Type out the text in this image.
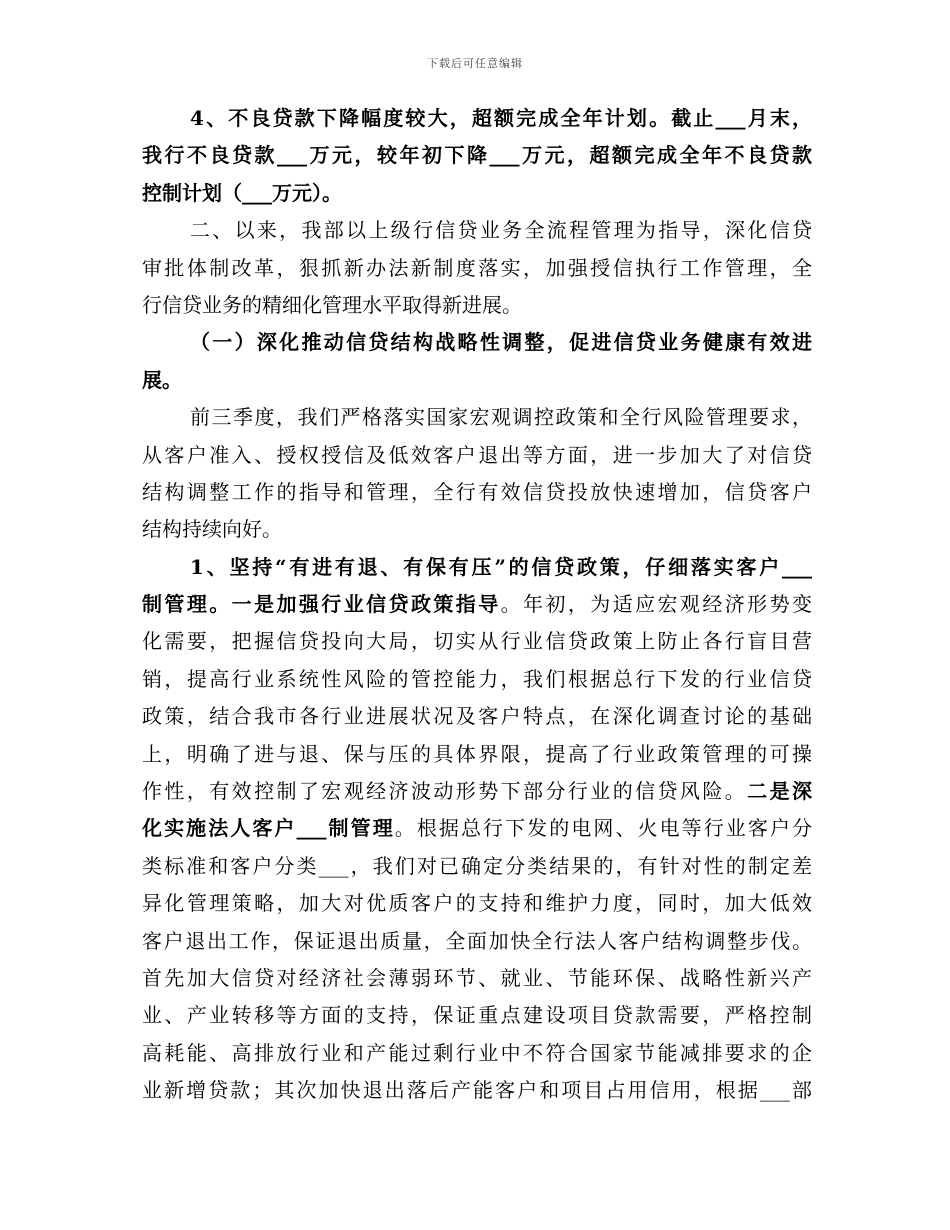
下载后可任意编辑
4、不良贷款下降幅度较大，超额完成全年计划。截止___月末，
我行不良贷款___万元，较年初下降___万元，超额完成全年不良贷款
控制计划（___万元）。
二、以来，我部以上级行信贷业务全流程管理为指导，深化信贷
审批体制改革，狠抓新办法新制度落实，加强授信执行工作管理，全
行信贷业务的精细化管理水平取得新进展。
（一）深化推动信贷结构战略性调整，促进信贷业务健康有效进
展。
前三季度，我们严格落实国家宏观调控政策和全行风险管理要求，
从客户准入、授权授信及低效客户退出等方面，进一步加大了对信贷
结构调整工作的指导和管理，全行有效信贷投放快速增加，信贷客户
结构持续向好。
1、坚持“有进有退、有保有压”的信贷政策，仔细落实客户___
制管理。一是加强行业信贷政策指导。年初，为适应宏观经济形势变
化需要，把握信贷投向大局，切实从行业信贷政策上防止各行盲目营
销，提高行业系统性风险的管控能力，我们根据总行下发的行业信贷
政策，结合我市各行业进展状况及客户特点，在深化调查讨论的基础
上，明确了进与退、保与压的具体界限，提高了行业政策管理的可操
作性，有效控制了宏观经济波动形势下部分行业的信贷风险。二是深
化实施法人客户___制管理。根据总行下发的电网、火电等行业客户分
类标准和客户分类___，我们对已确定分类结果的，有针对性的制定差
异化管理策略，加大对优质客户的支持和维护力度，同时，加大低效
客户退出工作，保证退出质量，全面加快全行法人客户结构调整步伐。
首先加大信贷对经济社会薄弱环节、就业、节能环保、战略性新兴产
业、产业转移等方面的支持，保证重点建设项目贷款需要，严格控制
高耗能、高排放行业和产能过剩行业中不符合国家节能减排要求的企
业新增贷款；其次加快退出落后产能客户和项目占用信用，根据___部
